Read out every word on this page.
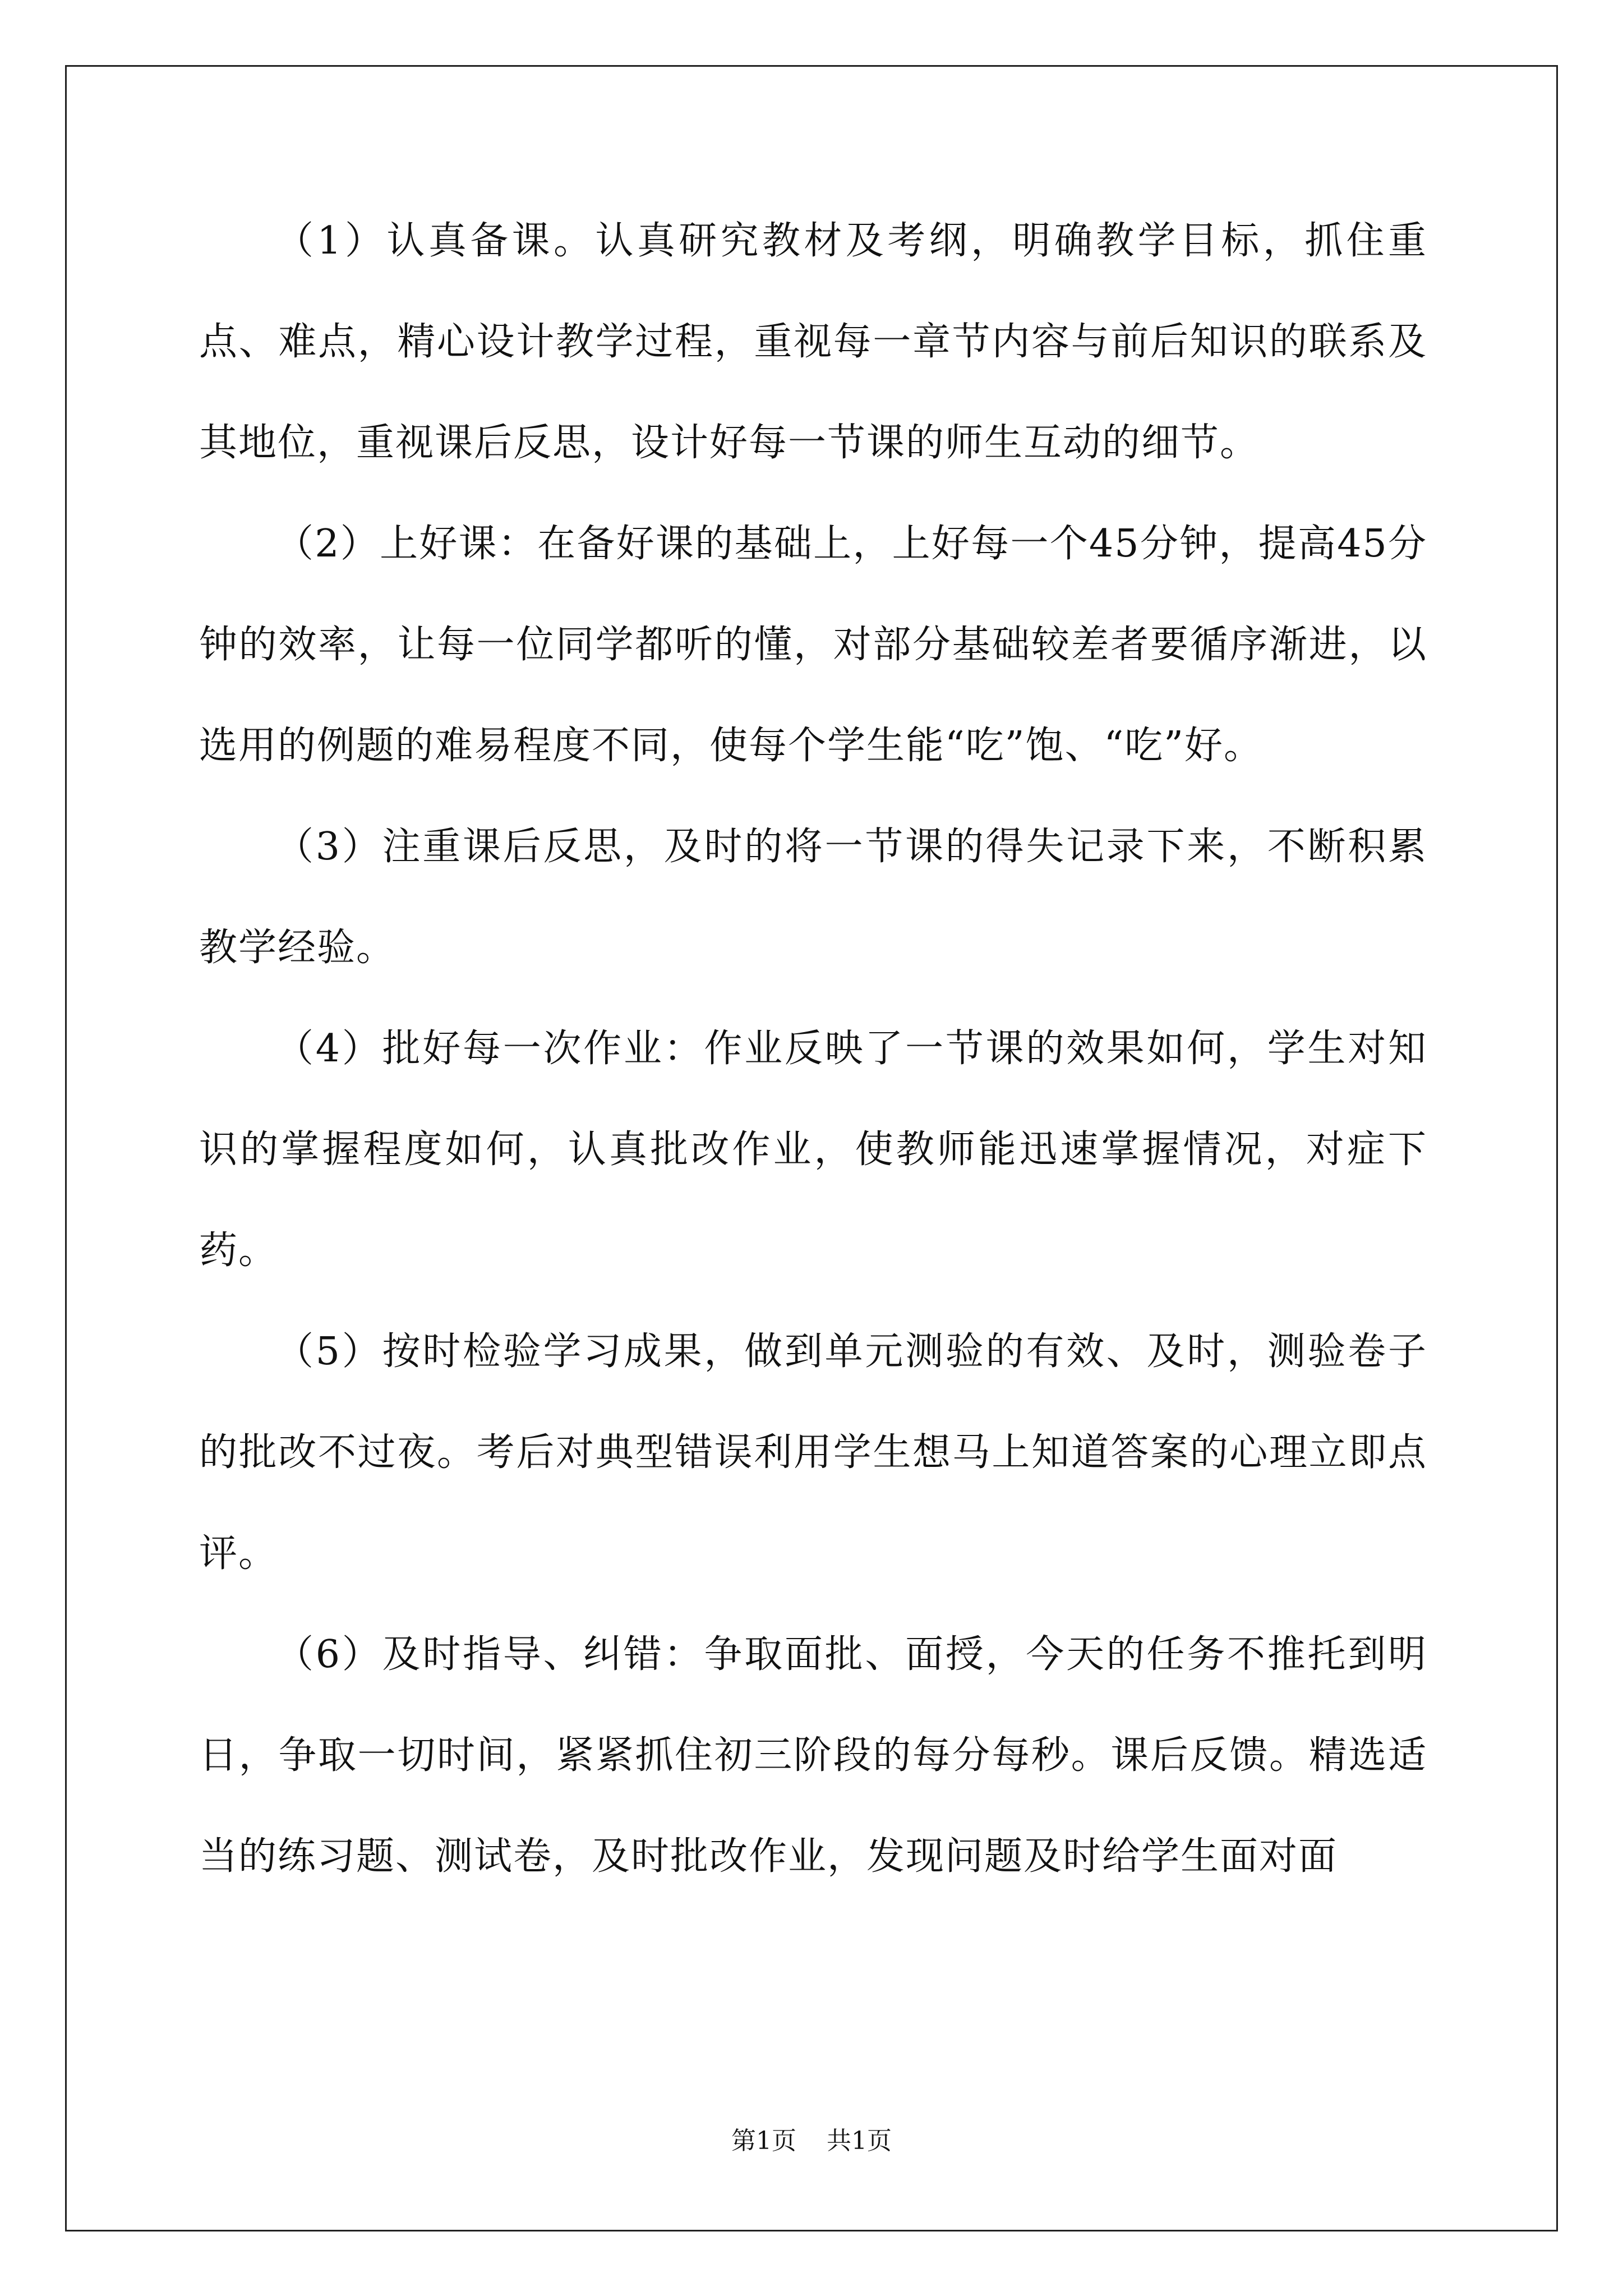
（1）认真备课。认真研究教材及考纲，明确教学目标，抓住重点、难点，精心设计教学过程，重视每一章节内容与前后知识的联系及其地位，重视课后反思，设计好每一节课的师生互动的细节。

（2）上好课：在备好课的基础上，上好每一个45分钟，提高45分钟的效率，让每一位同学都听的懂，对部分基础较差者要循序渐进，以选用的例题的难易程度不同，使每个学生能“吃”饱、“吃”好。

（3）注重课后反思，及时的将一节课的得失记录下来，不断积累教学经验。

（4）批好每一次作业：作业反映了一节课的效果如何，学生对知识的掌握程度如何，认真批改作业，使教师能迅速掌握情况，对症下药。

（5）按时检验学习成果，做到单元测验的有效、及时，测验卷子的批改不过夜。考后对典型错误利用学生想马上知道答案的心理立即点评。

（6）及时指导、纠错：争取面批、面授，今天的任务不推托到明日，争取一切时间，紧紧抓住初三阶段的每分每秒。课后反馈。精选适当的练习题、测试卷，及时批改作业，发现问题及时给学生面对面

第1页 共1页
